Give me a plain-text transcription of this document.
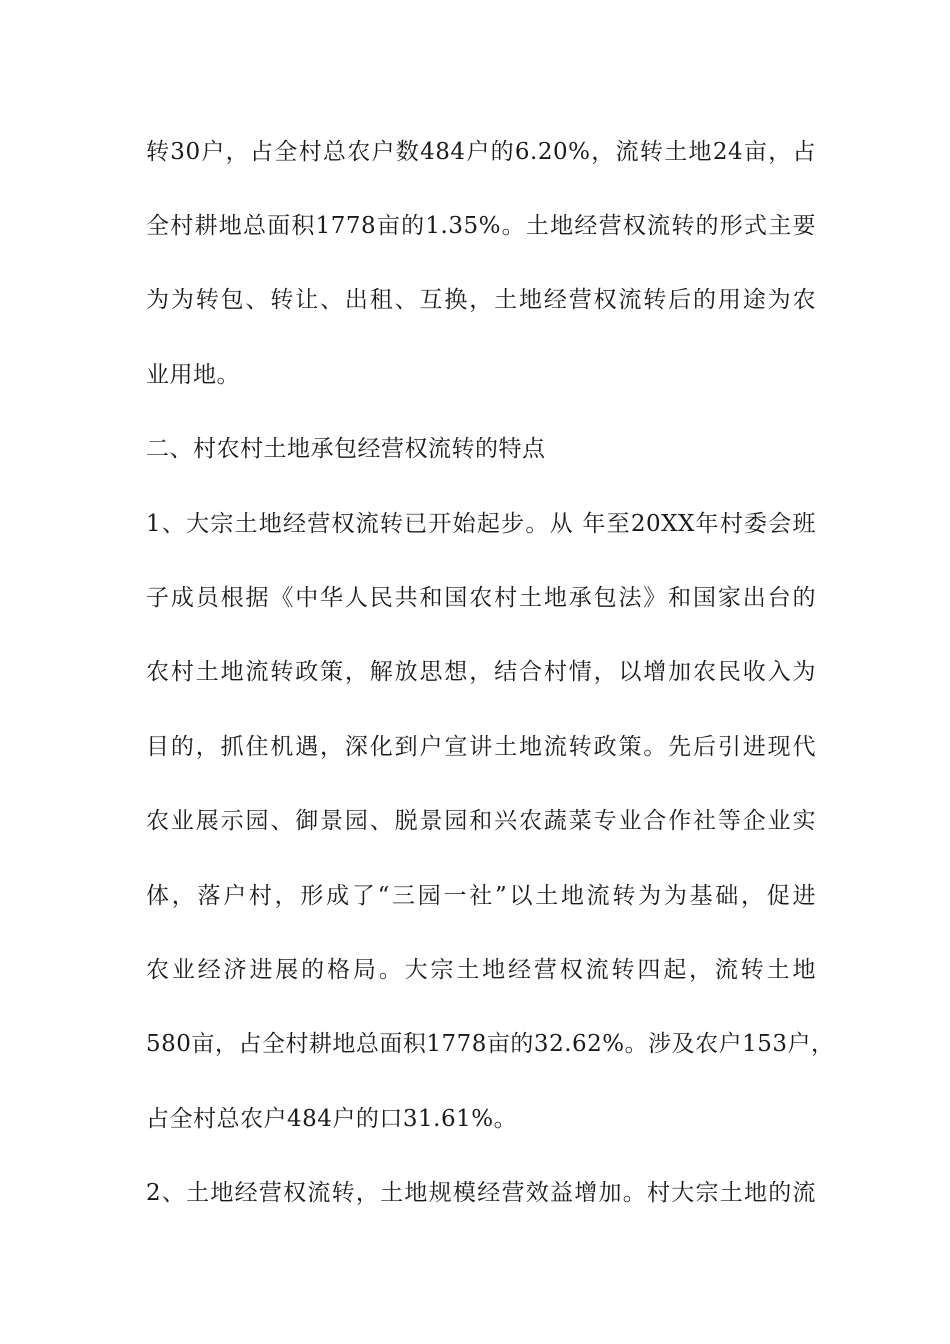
转30户，占全村总农户数484户的6.20%，流转土地24亩，占
全村耕地总面积1778亩的1.35%。土地经营权流转的形式主要
为为转包、转让、出租、互换，土地经营权流转后的用途为农
业用地。
二、村农村土地承包经营权流转的特点
1、大宗土地经营权流转已开始起步。从 年至20XX年村委会班
子成员根据《中华人民共和国农村土地承包法》和国家出台的
农村土地流转政策，解放思想，结合村情，以增加农民收入为
目的，抓住机遇，深化到户宣讲土地流转政策。先后引进现代
农业展示园、御景园、脱景园和兴农蔬菜专业合作社等企业实
体，落户村，形成了“三园一社”以土地流转为为基础，促进
农业经济进展的格局。大宗土地经营权流转四起，流转土地
580亩，占全村耕地总面积1778亩的32.62%。涉及农户153户，
占全村总农户484户的口31.61%。
2、土地经营权流转，土地规模经营效益增加。村大宗土地的流
